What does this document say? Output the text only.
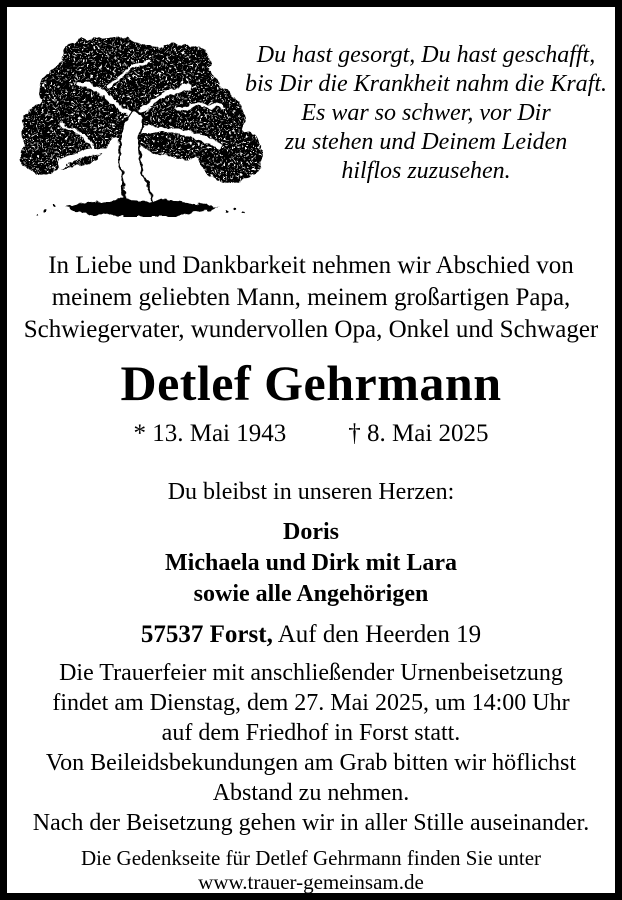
Du hast gesorgt, Du hast geschafft,
bis Dir die Krankheit nahm die Kraft.
Es war so schwer, vor Dir
zu stehen und Deinem Leiden
hilflos zuzusehen.
In Liebe und Dankbarkeit nehmen wir Abschied von
meinem geliebten Mann, meinem großartigen Papa,
Schwiegervater, wundervollen Opa, Onkel und Schwager
Detlef Gehrmann
* 13. Mai 1943 † 8. Mai 2025
Du bleibst in unseren Herzen:
Doris
Michaela und Dirk mit Lara
sowie alle Angehörigen
57537 Forst, Auf den Heerden 19
Die Trauerfeier mit anschließender Urnenbeisetzung
findet am Dienstag, dem 27. Mai 2025, um 14:00 Uhr
auf dem Friedhof in Forst statt.
Von Beileidsbekundungen am Grab bitten wir höflichst
Abstand zu nehmen.
Nach der Beisetzung gehen wir in aller Stille auseinander.
Die Gedenkseite für Detlef Gehrmann finden Sie unter
www.trauer-gemeinsam.de
